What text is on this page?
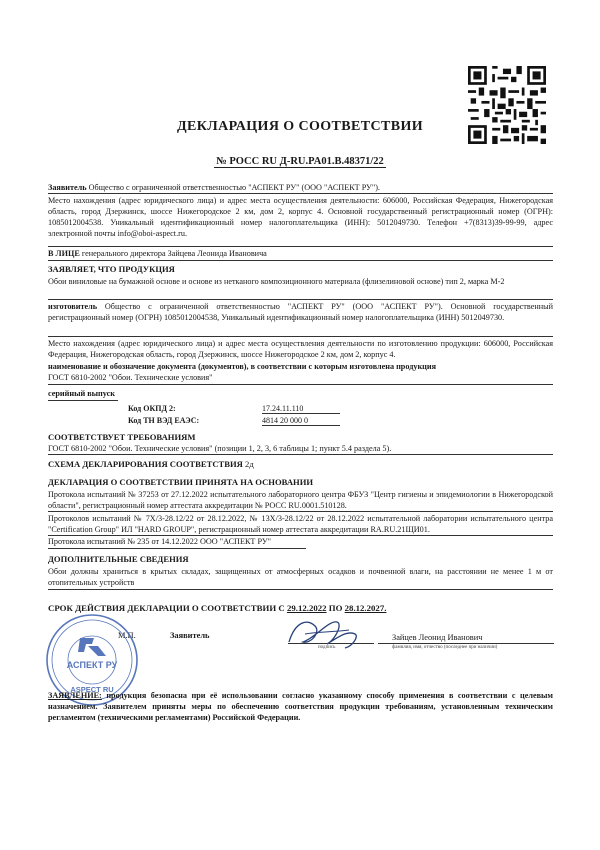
ДЕКЛАРАЦИЯ О СООТВЕТСТВИИ
№ РОСС RU Д-RU.PA01.B.48371/22
Заявитель Общество с ограниченной ответственностью "АСПЕКТ РУ" (ООО "АСПЕКТ РУ").
Место нахождения (адрес юридического лица) и адрес места осуществления деятельности: 606000, Российская Федерация, Нижегородская область, город Дзержинск, шоссе Нижегородское 2 км, дом 2, корпус 4. Основной государственный регистрационный номер (ОГРН): 1085012004538. Уникальный идентификационный номер налогоплательщика (ИНН): 5012049730. Телефон +7(8313)39-99-99, адрес электронной почты info@oboi-aspect.ru.
В ЛИЦЕ генерального директора Зайцева Леонида Ивановича
ЗАЯВЛЯЕТ, ЧТО ПРОДУКЦИЯ
Обои виниловые на бумажной основе и основе из нетканого композиционного материала (флизелиновой основе) тип 2, марка М-2
изготовитель Общество с ограниченной ответственностью "АСПЕКТ РУ" (ООО "АСПЕКТ РУ"). Основной государственный регистрационный номер (ОГРН) 1085012004538, Уникальный идентификационный номер налогоплательщика (ИНН) 5012049730.
Место нахождения (адрес юридического лица) и адрес места осуществления деятельности по изготовлению продукции: 606000, Российская Федерация, Нижегородская область, город Дзержинск, шоссе Нижегородское 2 км, дом 2, корпус 4.
наименование и обозначение документа (документов), в соответствии с которым изготовлена продукция
ГОСТ 6810-2002 "Обои. Технические условия"
серийный выпуск
Код ОКПД 2:	17.24.11.110
Код ТН ВЭД ЕАЭС:	4814 20 000 0
СООТВЕТСТВУЕТ ТРЕБОВАНИЯМ
ГОСТ 6810-2002 "Обои. Технические условия" (позиции 1, 2, 3, 6 таблицы 1; пункт 5.4 раздела 5).
СХЕМА ДЕКЛАРИРОВАНИЯ СООТВЕТСТВИЯ 2д
ДЕКЛАРАЦИЯ О СООТВЕТСТВИИ ПРИНЯТА НА ОСНОВАНИИ
Протокола испытаний № 37253 от 27.12.2022 испытательного лабораторного центра ФБУЗ "Центр гигиены и эпидемиологии в Нижегородской области", регистрационный номер аттестата аккредитации № РОСС RU.0001.510128.
Протоколов испытаний № 7Х/3-28.12/22 от 28.12.2022, № 13Х/3-28.12/22 от 28.12.2022 испытательной лаборатории испытательного центра "Certification Group" ИЛ "HARD GROUP", регистрационный номер аттестата аккредитации RA.RU.21ЩИ01.
Протокола испытаний № 235 от 14.12.2022 ООО "АСПЕКТ РУ"
ДОПОЛНИТЕЛЬНЫЕ СВЕДЕНИЯ
Обои должны храниться в крытых складах, защищенных от атмосферных осадков и почвенной влаги, на расстоянии не менее 1 м от отопительных устройств
СРОК ДЕЙСТВИЯ ДЕКЛАРАЦИИ О СООТВЕТСТВИИ С 29.12.2022 ПО 28.12.2027.
М.П.	Заявитель
подпись
Зайцев Леонид Иванович
фамилия, имя, отчество (последнее при наличии)
АСПЕКТ РУ
ASPECT RU
ЗАЯВЛЕНИЕ: продукция безопасна при её использовании согласно указанному способу применения в соответствии с целевым назначением. Заявителем приняты меры по обеспечению соответствия продукции требованиям, установленным техническим регламентом (техническими регламентами) Российской Федерации.
